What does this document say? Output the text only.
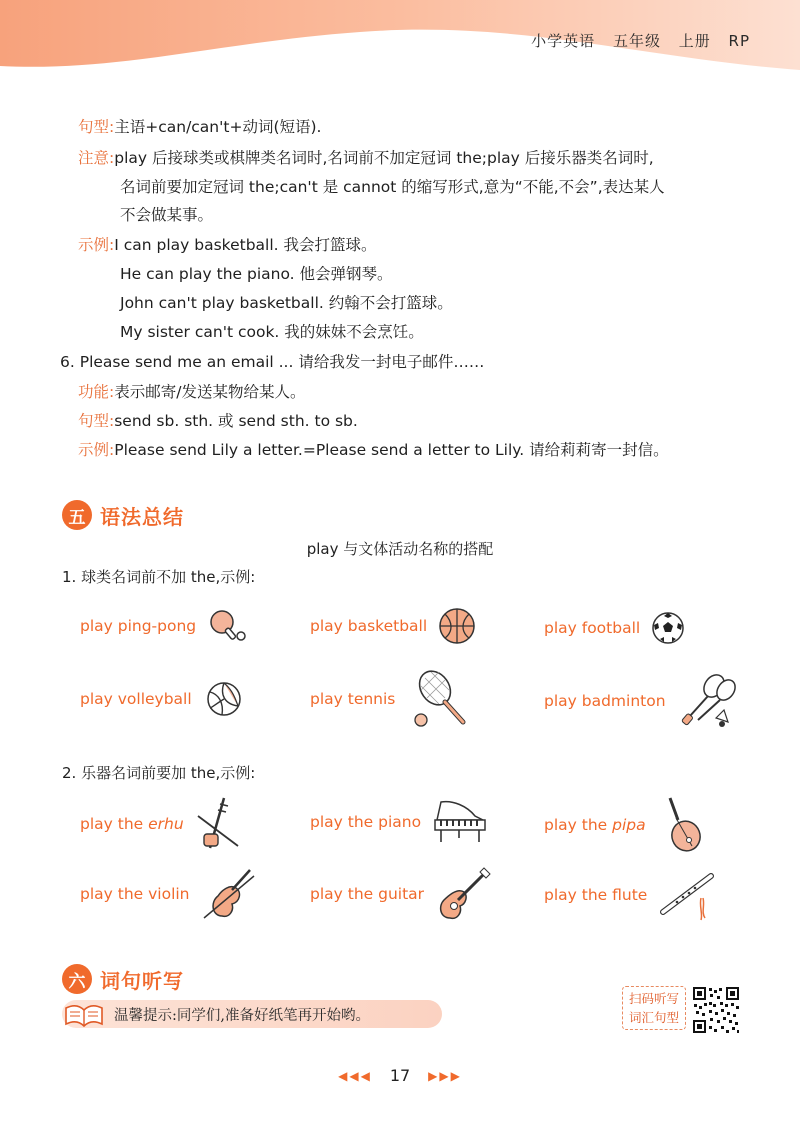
小学英语 五年级 上册 RP
句型:主语+can/can't+动词(短语).
注意:play 后接球类或棋牌类名词时,名词前不加定冠词 the;play 后接乐器类名词时,
名词前要加定冠词 the;can't 是 cannot 的缩写形式,意为“不能,不会”,表达某人
不会做某事。
示例:I can play basketball. 我会打篮球。
He can play the piano. 他会弹钢琴。
John can't play basketball. 约翰不会打篮球。
My sister can't cook. 我的妹妹不会烹饪。
6. Please send me an email ... 请给我发一封电子邮件……
功能:表示邮寄/发送某物给某人。
句型:send sb. sth. 或 send sth. to sb.
示例:Please send Lily a letter.=Please send a letter to Lily. 请给莉莉寄一封信。
五 语法总结
play 与文体活动名称的搭配
1. 球类名词前不加 the,示例:
play ping-pong	play basketball	play football
play volleyball	play tennis	play badminton
2. 乐器名词前要加 the,示例:
play the erhu	play the piano	play the pipa
play the violin	play the guitar	play the flute
六 词句听写
温馨提示:同学们,准备好纸笔再开始哟。
扫码听写 词汇句型
◀◀◀ 17 ▶▶▶
